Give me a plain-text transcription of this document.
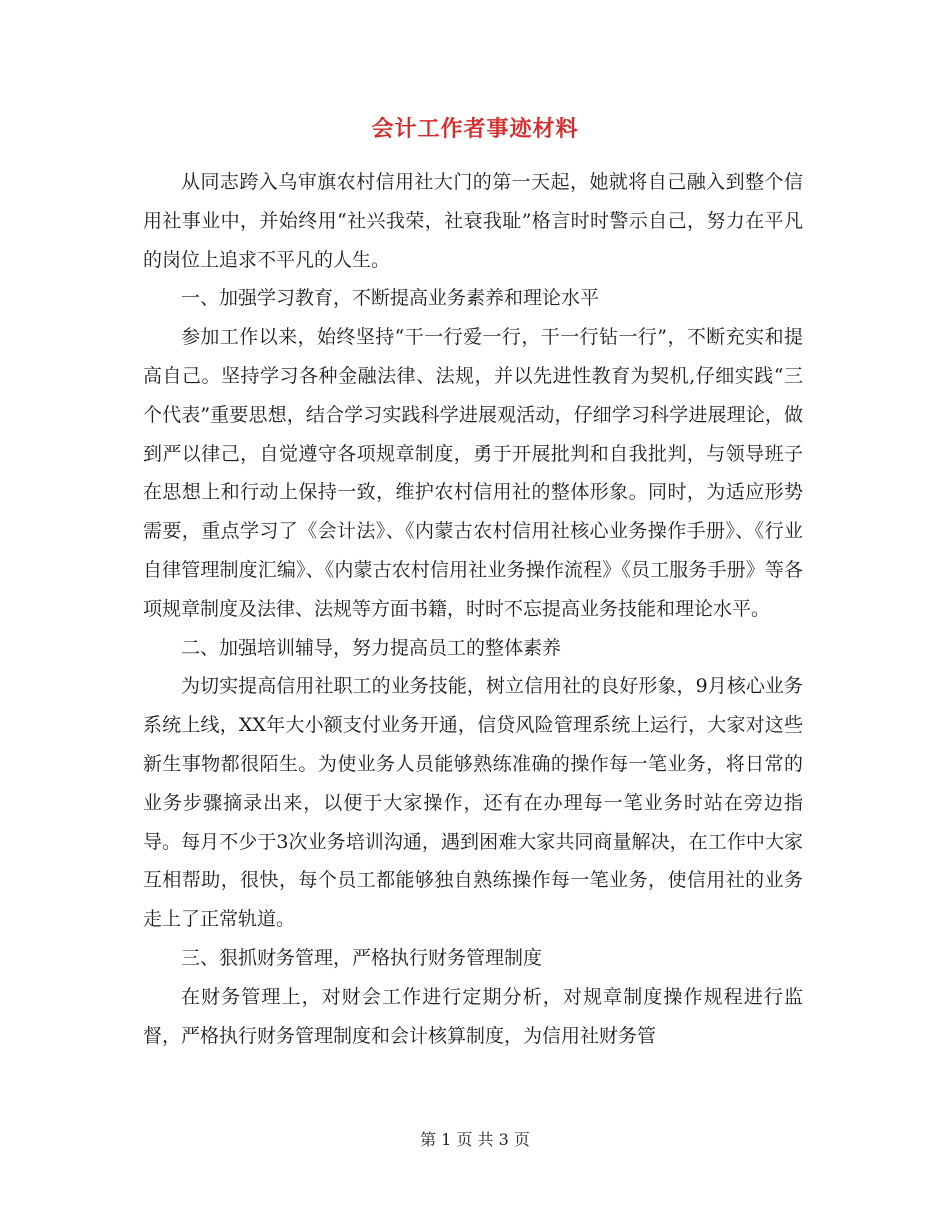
会计工作者事迹材料

从同志跨入乌审旗农村信用社大门的第一天起，她就将自己融入到整个信用社事业中，并始终用“社兴我荣，社衰我耻”格言时时警示自己，努力在平凡的岗位上追求不平凡的人生。

一、加强学习教育，不断提高业务素养和理论水平

参加工作以来，始终坚持“干一行爱一行，干一行钻一行”，不断充实和提高自己。坚持学习各种金融法律、法规，并以先进性教育为契机,仔细实践“三个代表”重要思想，结合学习实践科学进展观活动，仔细学习科学进展理论，做到严以律己，自觉遵守各项规章制度，勇于开展批判和自我批判，与领导班子在思想上和行动上保持一致，维护农村信用社的整体形象。同时，为适应形势需要，重点学习了《会计法》、《内蒙古农村信用社核心业务操作手册》、《行业自律管理制度汇编》、《内蒙古农村信用社业务操作流程》《员工服务手册》等各项规章制度及法律、法规等方面书籍，时时不忘提高业务技能和理论水平。

二、加强培训辅导，努力提高员工的整体素养

为切实提高信用社职工的业务技能，树立信用社的良好形象，9月核心业务系统上线，XX年大小额支付业务开通，信贷风险管理系统上运行，大家对这些新生事物都很陌生。为使业务人员能够熟练准确的操作每一笔业务，将日常的业务步骤摘录出来，以便于大家操作，还有在办理每一笔业务时站在旁边指导。每月不少于3次业务培训沟通，遇到困难大家共同商量解决，在工作中大家互相帮助，很快，每个员工都能够独自熟练操作每一笔业务，使信用社的业务走上了正常轨道。

三、狠抓财务管理，严格执行财务管理制度

在财务管理上，对财会工作进行定期分析，对规章制度操作规程进行监督，严格执行财务管理制度和会计核算制度，为信用社财务管

第 1 页 共 3 页
